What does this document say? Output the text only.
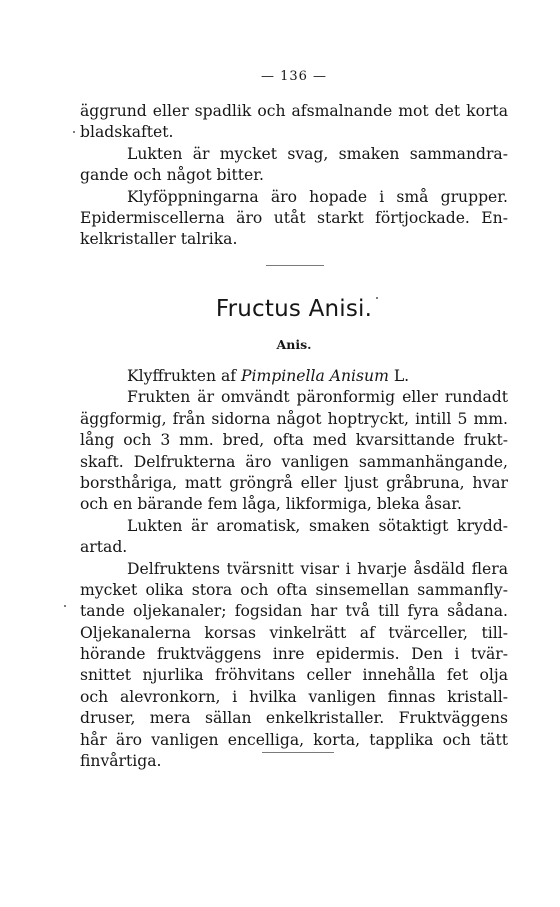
— 136 —
äggrund eller spadlik och afsmalnande mot det korta
bladskaftet.
Lukten är mycket svag, smaken sammandra-
gande och något bitter.
Klyföppningarna äro hopade i små grupper.
Epidermiscellerna äro utåt starkt förtjockade. En-
kelkristaller talrika.
Fructus Anisi.
Anis.
Klyffrukten af Pimpinella Anisum L.
Frukten är omvändt päronformig eller rundadt
äggformig, från sidorna något hoptryckt, intill 5 mm.
lång och 3 mm. bred, ofta med kvarsittande frukt-
skaft. Delfrukterna äro vanligen sammanhängande,
borsthåriga, matt gröngrå eller ljust gråbruna, hvar
och en bärande fem låga, likformiga, bleka åsar.
Lukten är aromatisk, smaken sötaktigt krydd-
artad.
Delfruktens tvärsnitt visar i hvarje åsdäld flera
mycket olika stora och ofta sinsemellan sammanfly-
tande oljekanaler; fogsidan har två till fyra sådana.
Oljekanalerna korsas vinkelrätt af tvärceller, till-
hörande fruktväggens inre epidermis. Den i tvär-
snittet njurlika fröhvitans celler innehålla fet olja
och alevronkorn, i hvilka vanligen finnas kristall-
druser, mera sällan enkelkristaller. Fruktväggens
hår äro vanligen encelliga, korta, tapplika och tätt
finvårtiga.
